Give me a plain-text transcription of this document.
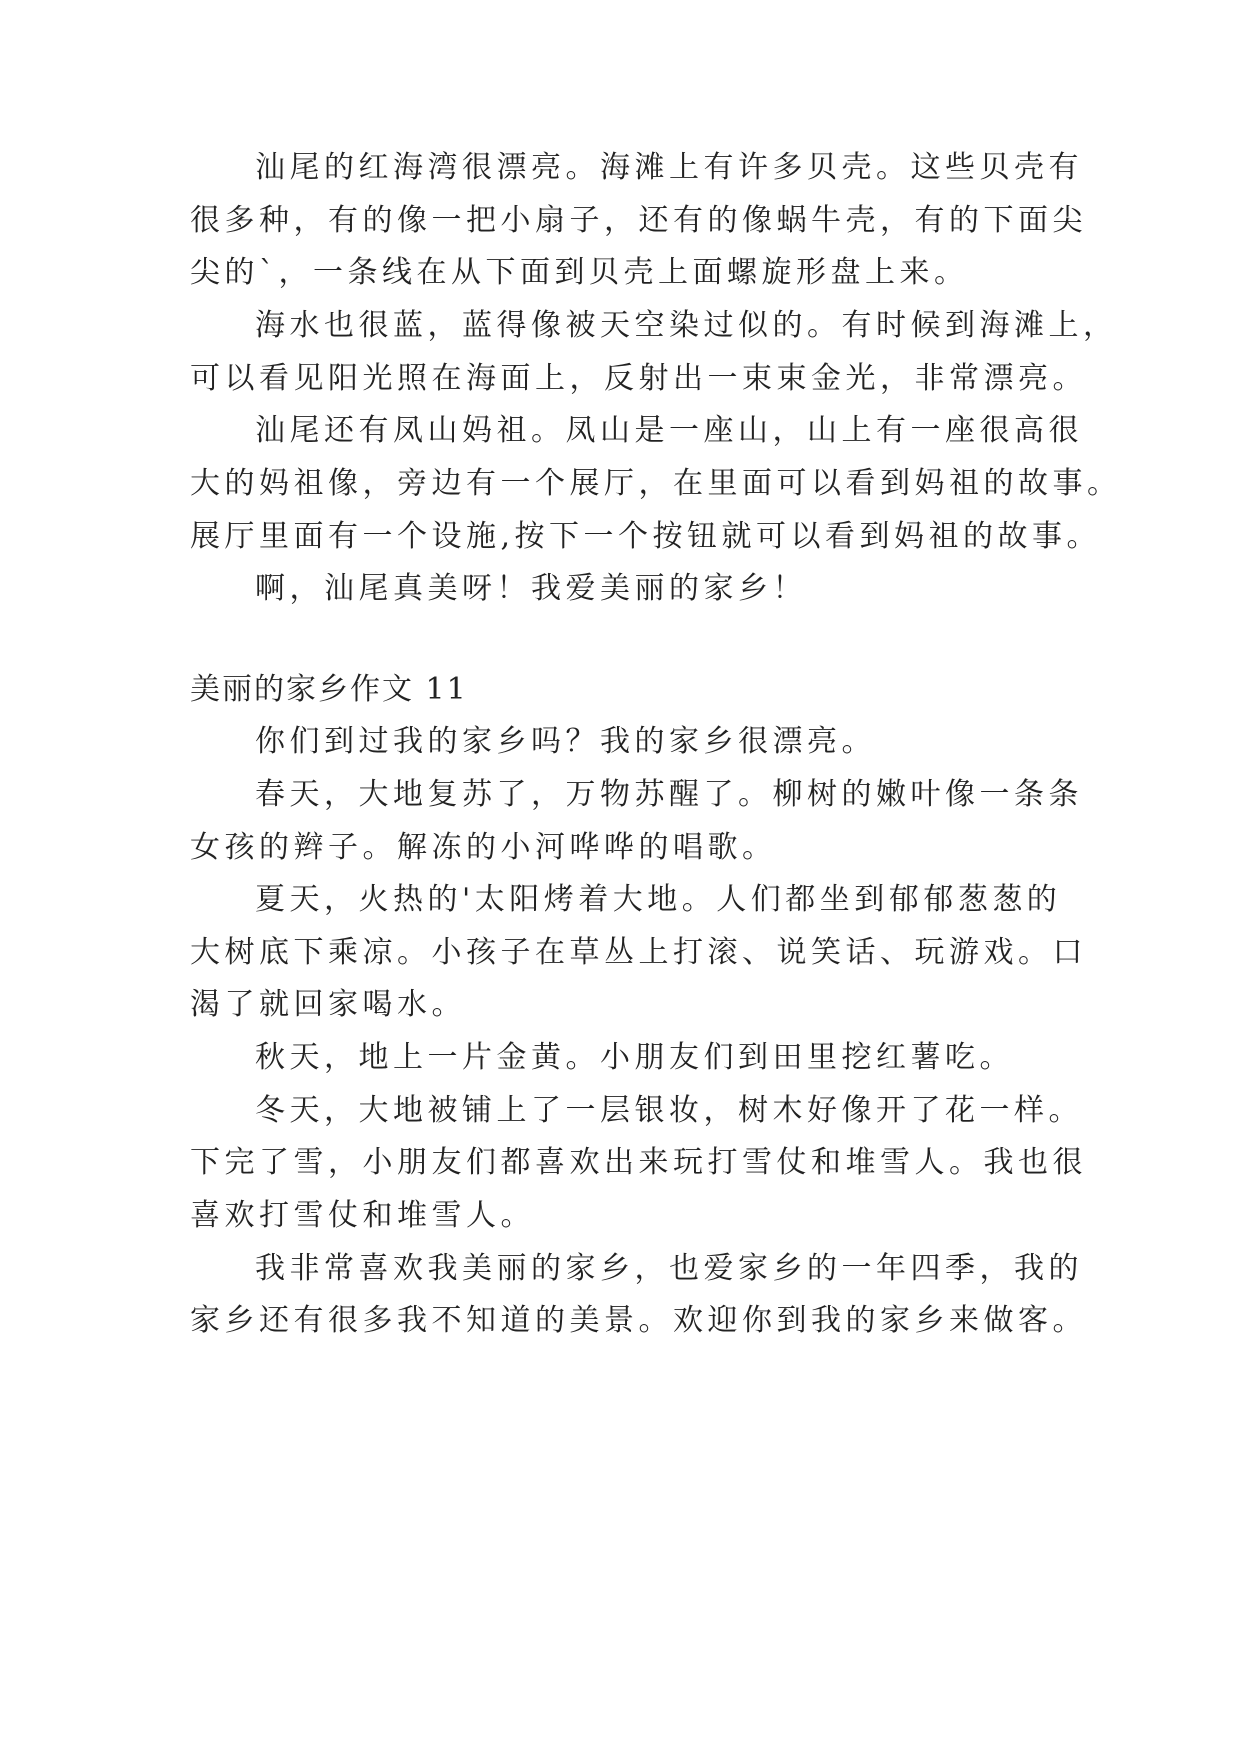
汕尾的红海湾很漂亮。海滩上有许多贝壳。这些贝壳有
很多种，有的像一把小扇子，还有的像蜗牛壳，有的下面尖
尖的`，一条线在从下面到贝壳上面螺旋形盘上来。
海水也很蓝，蓝得像被天空染过似的。有时候到海滩上，
可以看见阳光照在海面上，反射出一束束金光，非常漂亮。
汕尾还有凤山妈祖。凤山是一座山，山上有一座很高很
大的妈祖像，旁边有一个展厅，在里面可以看到妈祖的故事。
展厅里面有一个设施,按下一个按钮就可以看到妈祖的故事。
啊，汕尾真美呀！我爱美丽的家乡！
美丽的家乡作文 11
你们到过我的家乡吗？我的家乡很漂亮。
春天，大地复苏了，万物苏醒了。柳树的嫩叶像一条条
女孩的辫子。解冻的小河哗哗的唱歌。
夏天，火热的'太阳烤着大地。人们都坐到郁郁葱葱的
大树底下乘凉。小孩子在草丛上打滚、说笑话、玩游戏。口
渴了就回家喝水。
秋天，地上一片金黄。小朋友们到田里挖红薯吃。
冬天，大地被铺上了一层银妆，树木好像开了花一样。
下完了雪，小朋友们都喜欢出来玩打雪仗和堆雪人。我也很
喜欢打雪仗和堆雪人。
我非常喜欢我美丽的家乡，也爱家乡的一年四季，我的
家乡还有很多我不知道的美景。欢迎你到我的家乡来做客。
